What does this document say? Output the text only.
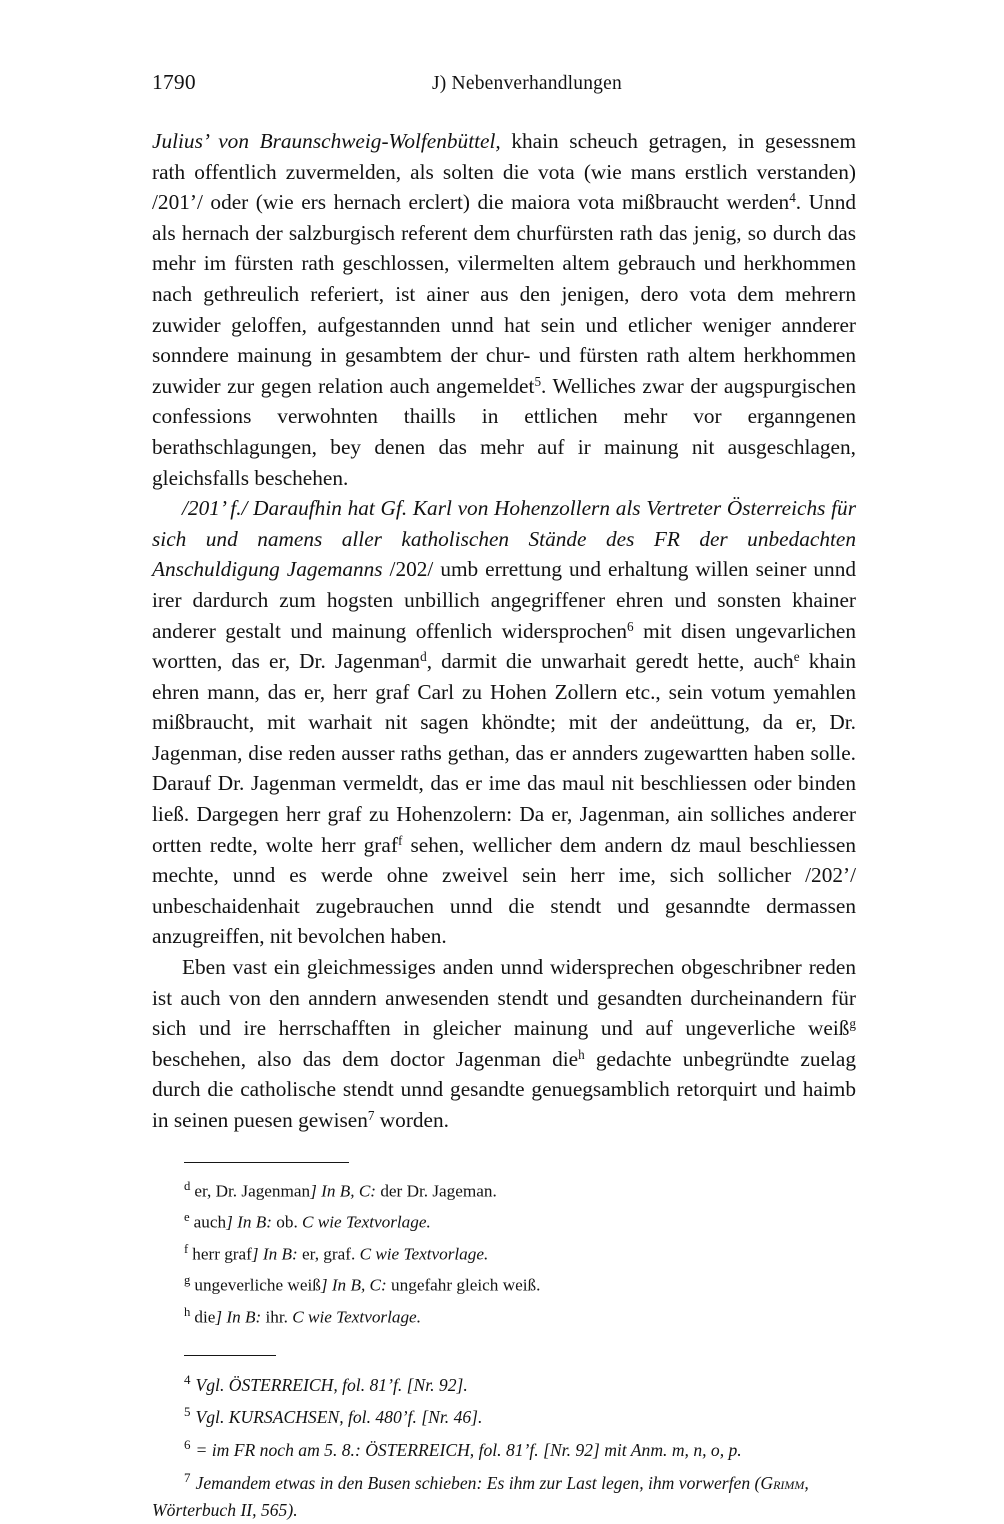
1790	J) Nebenverhandlungen

Julius’ von Braunschweig-Wolfenbüttel, khain scheuch getragen, in gesessnem rath offentlich zuvermelden, als solten die vota (wie mans erstlich verstanden) /201’/ oder (wie ers hernach erclert) die maiora vota mißbraucht werden$^4$. Unnd als hernach der salzburgisch referent dem churfürsten rath das jenig, so durch das mehr im fürsten rath geschlossen, vilermelten altem gebrauch und herkhommen nach gethreulich referiert, ist ainer aus den jenigen, dero vota dem mehrern zuwider geloffen, aufgestannden unnd hat sein und etlicher weniger annderer sonndere mainung in gesambtem der chur- und fürsten rath altem herkhommen zuwider zur gegen relation auch angemeldet$^5$. Welliches zwar der augspurgischen confessions verwohnten thaills in ettlichen mehr vor erganngenen berathschlagungen, bey denen das mehr auf ir mainung nit ausgeschlagen, gleichsfalls beschehen.

/201’ f./ Daraufhin hat Gf. Karl von Hohenzollern als Vertreter Österreichs für sich und namens aller katholischen Stände des FR der unbedachten Anschuldigung Jagemanns /202/ umb errettung und erhaltung willen seiner unnd irer dardurch zum hogsten unbillich angegriffener ehren und sonsten khainer anderer gestalt und mainung offenlich widersprochen$^6$ mit disen ungevarlichen wortten, das er, Dr. Jagenman$^d$, darmit die unwarhait geredt hette, auch$^e$ khain ehren mann, das er, herr graf Carl zu Hohen Zollern etc., sein votum yemahlen mißbraucht, mit warhait nit sagen khöndte; mit der andeüttung, da er, Dr. Jagenman, dise reden ausser raths gethan, das er annders zugewartten haben solle. Darauf Dr. Jagenman vermeldt, das er ime das maul nit beschliessen oder binden ließ. Dargegen herr graf zu Hohenzolern: Da er, Jagenman, ain solliches anderer ortten redte, wolte herr graf$^f$ sehen, wellicher dem andern dz maul beschliessen mechte, unnd es werde ohne zweivel sein herr ime, sich sollicher /202’/ unbeschaidenhait zugebrauchen unnd die stendt und gesanndte dermassen anzugreiffen, nit bevolchen haben.

Eben vast ein gleichmessiges anden unnd widersprechen obgeschribner reden ist auch von den anndern anwesenden stendt und gesandten durcheinandern für sich und ire herrschafften in gleicher mainung und auf ungeverliche weiß$^g$ beschehen, also das dem doctor Jagenman die$^h$ gedachte unbegründte zuelag durch die catholische stendt unnd gesandte genuegsamblich retorquirt und haimb in seinen puesen gewisen$^7$ worden.

$^d$ er, Dr. Jagenman] In B, C: der Dr. Jageman.

$^e$ auch] In B: ob. C wie Textvorlage.

$^f$ herr graf] In B: er, graf. C wie Textvorlage.

$^g$ ungeverliche weiß] In B, C: ungefahr gleich weiß.

$^h$ die] In B: ihr. C wie Textvorlage.

$^4$ Vgl. ÖSTERREICH, fol. 81’f. [Nr. 92].

$^5$ Vgl. KURSACHSEN, fol. 480’f. [Nr. 46].

$^6$ = im FR noch am 5. 8.: ÖSTERREICH, fol. 81’f. [Nr. 92] mit Anm. m, n, o, p.

$^7$ Jemandem etwas in den Busen schieben: Es ihm zur Last legen, ihm vorwerfen (Grimm,

Wörterbuch II, 565).
